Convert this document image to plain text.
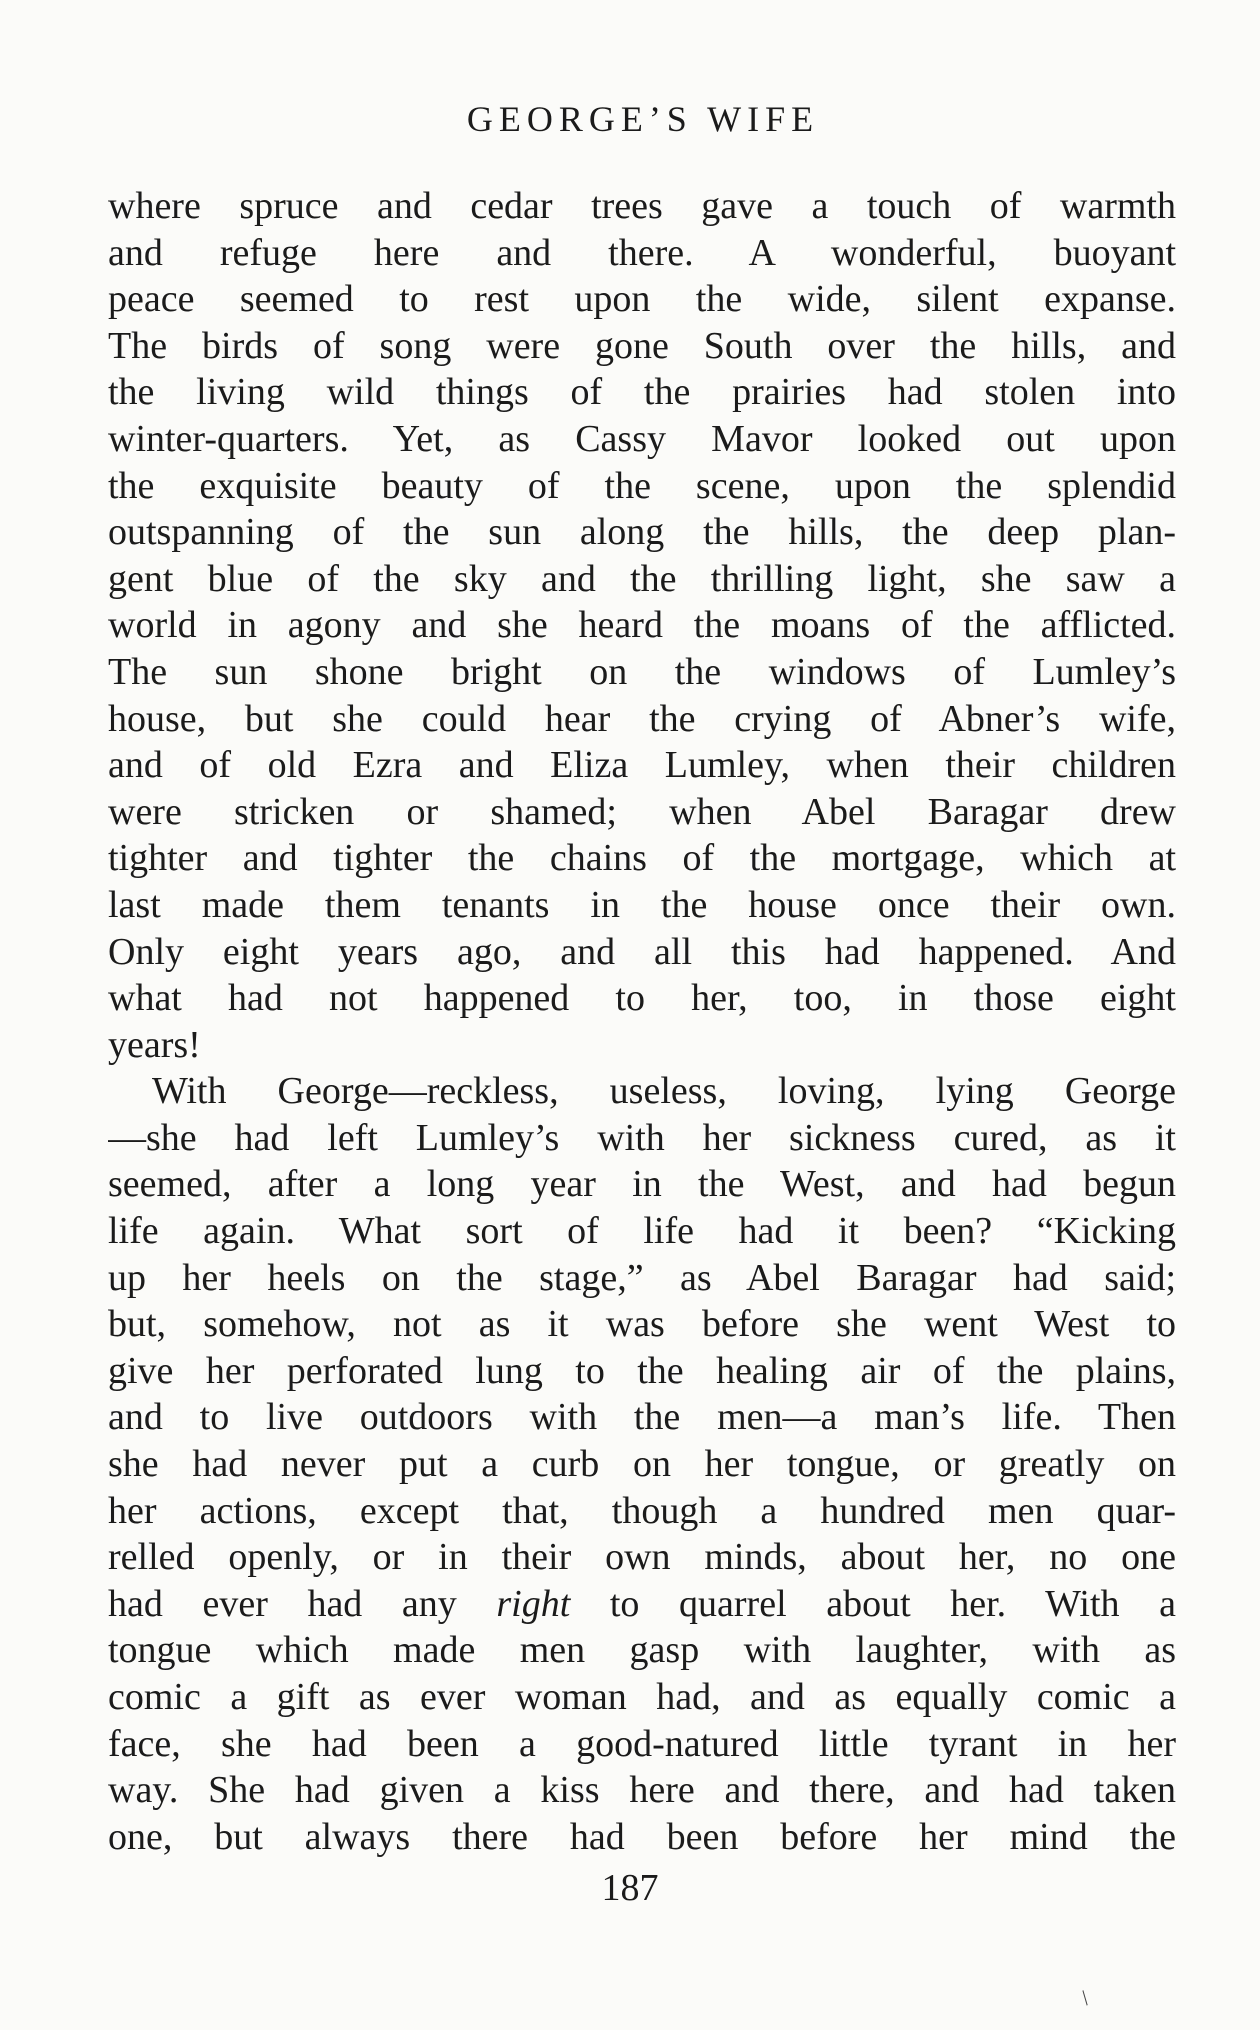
GEORGE’S WIFE
where spruce and cedar trees gave a touch of warmth
and refuge here and there. A wonderful, buoyant
peace seemed to rest upon the wide, silent expanse.
The birds of song were gone South over the hills, and
the living wild things of the prairies had stolen into
winter-quarters. Yet, as Cassy Mavor looked out upon
the exquisite beauty of the scene, upon the splendid
outspanning of the sun along the hills, the deep plan-
gent blue of the sky and the thrilling light, she saw a
world in agony and she heard the moans of the afflicted.
The sun shone bright on the windows of Lumley’s
house, but she could hear the crying of Abner’s wife,
and of old Ezra and Eliza Lumley, when their children
were stricken or shamed; when Abel Baragar drew
tighter and tighter the chains of the mortgage, which at
last made them tenants in the house once their own.
Only eight years ago, and all this had happened. And
what had not happened to her, too, in those eight
years!
With George—reckless, useless, loving, lying George
—she had left Lumley’s with her sickness cured, as it
seemed, after a long year in the West, and had begun
life again. What sort of life had it been? “Kicking
up her heels on the stage,” as Abel Baragar had said;
but, somehow, not as it was before she went West to
give her perforated lung to the healing air of the plains,
and to live outdoors with the men—a man’s life. Then
she had never put a curb on her tongue, or greatly on
her actions, except that, though a hundred men quar-
relled openly, or in their own minds, about her, no one
had ever had any right to quarrel about her. With a
tongue which made men gasp with laughter, with as
comic a gift as ever woman had, and as equally comic a
face, she had been a good-natured little tyrant in her
way. She had given a kiss here and there, and had taken
one, but always there had been before her mind the
187
/
